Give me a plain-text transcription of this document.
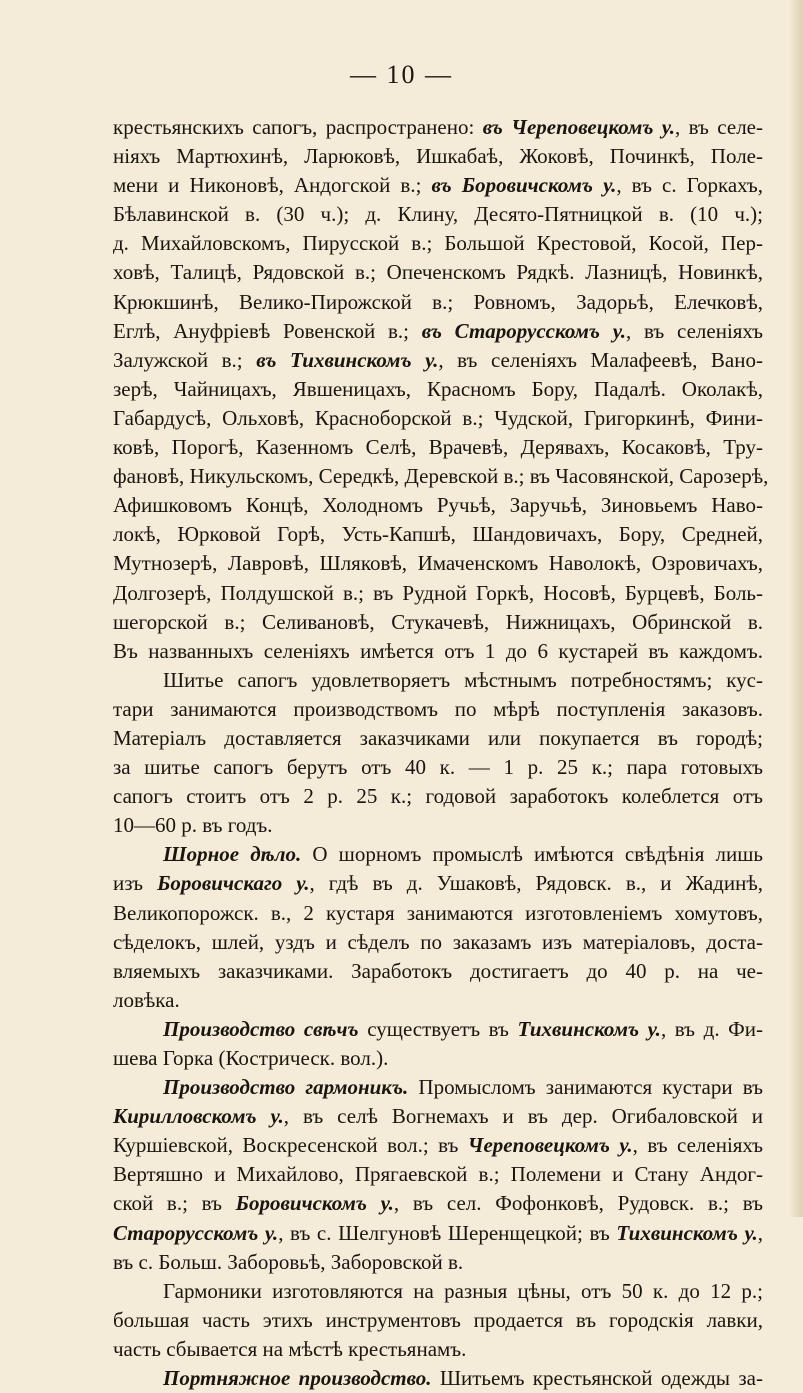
— 10 —
крестьянскихъ сапогъ, распространено: въ Череповецкомъ у., въ селе-
ніяхъ Мартюхинѣ, Ларюковѣ, Ишкабаѣ, Жоковѣ, Починкѣ, Поле-
мени и Никоновѣ, Андогской в.; въ Боровичскомъ у., въ с. Горкахъ,
Бѣлавинской в. (30 ч.); д. Клину, Десято-Пятницкой в. (10 ч.);
д. Михайловскомъ, Пирусской в.; Большой Крестовой, Косой, Пер-
ховѣ, Талицѣ, Рядовской в.; Опеченскомъ Рядкѣ. Лазницѣ, Новинкѣ,
Крюкшинѣ, Велико-Пирожской в.; Ровномъ, Задорьѣ, Елечковѣ,
Еглѣ, Ануфріевѣ Ровенской в.; въ Старорусскомъ у., въ селеніяхъ
Залужской в.; въ Тихвинскомъ у., въ селеніяхъ Малафеевѣ, Вано-
зерѣ, Чайницахъ, Явшеницахъ, Красномъ Бору, Падалѣ. Околакѣ,
Габардусѣ, Ольховѣ, Красноборской в.; Чудской, Григоркинѣ, Фини-
ковѣ, Порогѣ, Казенномъ Селѣ, Врачевѣ, Дерявахъ, Косаковѣ, Тру-
фановѣ, Никульскомъ, Середкѣ, Деревской в.; въ Часовянской, Сарозерѣ,
Афишковомъ Концѣ, Холодномъ Ручьѣ, Заручьѣ, Зиновьемъ Наво-
локѣ, Юрковой Горѣ, Усть-Капшѣ, Шандовичахъ, Бору, Средней,
Мутнозерѣ, Лавровѣ, Шляковѣ, Имаченскомъ Наволокѣ, Озровичахъ,
Долгозерѣ, Полдушской в.; въ Рудной Горкѣ, Носовѣ, Бурцевѣ, Боль-
шегорской в.; Селивановѣ, Стукачевѣ, Нижницахъ, Обринской в.
Въ названныхъ селеніяхъ имѣется отъ 1 до 6 кустарей въ каждомъ.
Шитье сапогъ удовлетворяетъ мѣстнымъ потребностямъ; кус-
тари занимаются производствомъ по мѣрѣ поступленія заказовъ.
Матеріалъ доставляется заказчиками или покупается въ городѣ;
за шитье сапогъ берутъ отъ 40 к. — 1 р. 25 к.; пара готовыхъ
сапогъ стоитъ отъ 2 р. 25 к.; годовой заработокъ колеблется отъ
10—60 р. въ годъ.
Шорное дѣло. О шорномъ промыслѣ имѣются свѣдѣнія лишь
изъ Боровичскаго у., гдѣ въ д. Ушаковѣ, Рядовск. в., и Жадинѣ,
Великопорожск. в., 2 кустаря занимаются изготовленіемъ хомутовъ,
сѣделокъ, шлей, уздъ и сѣделъ по заказамъ изъ матеріаловъ, доста-
вляемыхъ заказчиками. Заработокъ достигаетъ до 40 р. на че-
ловѣка.
Производство свѣчъ существуетъ въ Тихвинскомъ у., въ д. Фи-
шева Горка (Кострическ. вол.).
Производство гармоникъ. Промысломъ занимаются кустари въ
Кирилловскомъ у., въ селѣ Вогнемахъ и въ дер. Огибаловской и
Куршіевской, Воскресенской вол.; въ Череповецкомъ у., въ селеніяхъ
Вертяшно и Михайлово, Прягаевской в.; Полемени и Стану Андог-
ской в.; въ Боровичскомъ у., въ сел. Фофонковѣ, Рудовск. в.; въ
Старорусскомъ у., въ с. Шелгуновѣ Шеренщецкой; въ Тихвинскомъ у.,
въ с. Больш. Заборовьѣ, Заборовской в.
Гармоники изготовляются на разныя цѣны, отъ 50 к. до 12 р.;
большая часть этихъ инструментовъ продается въ городскія лавки,
часть сбывается на мѣстѣ крестьянамъ.
Портняжное производство. Шитьемъ крестьянской одежды за-
